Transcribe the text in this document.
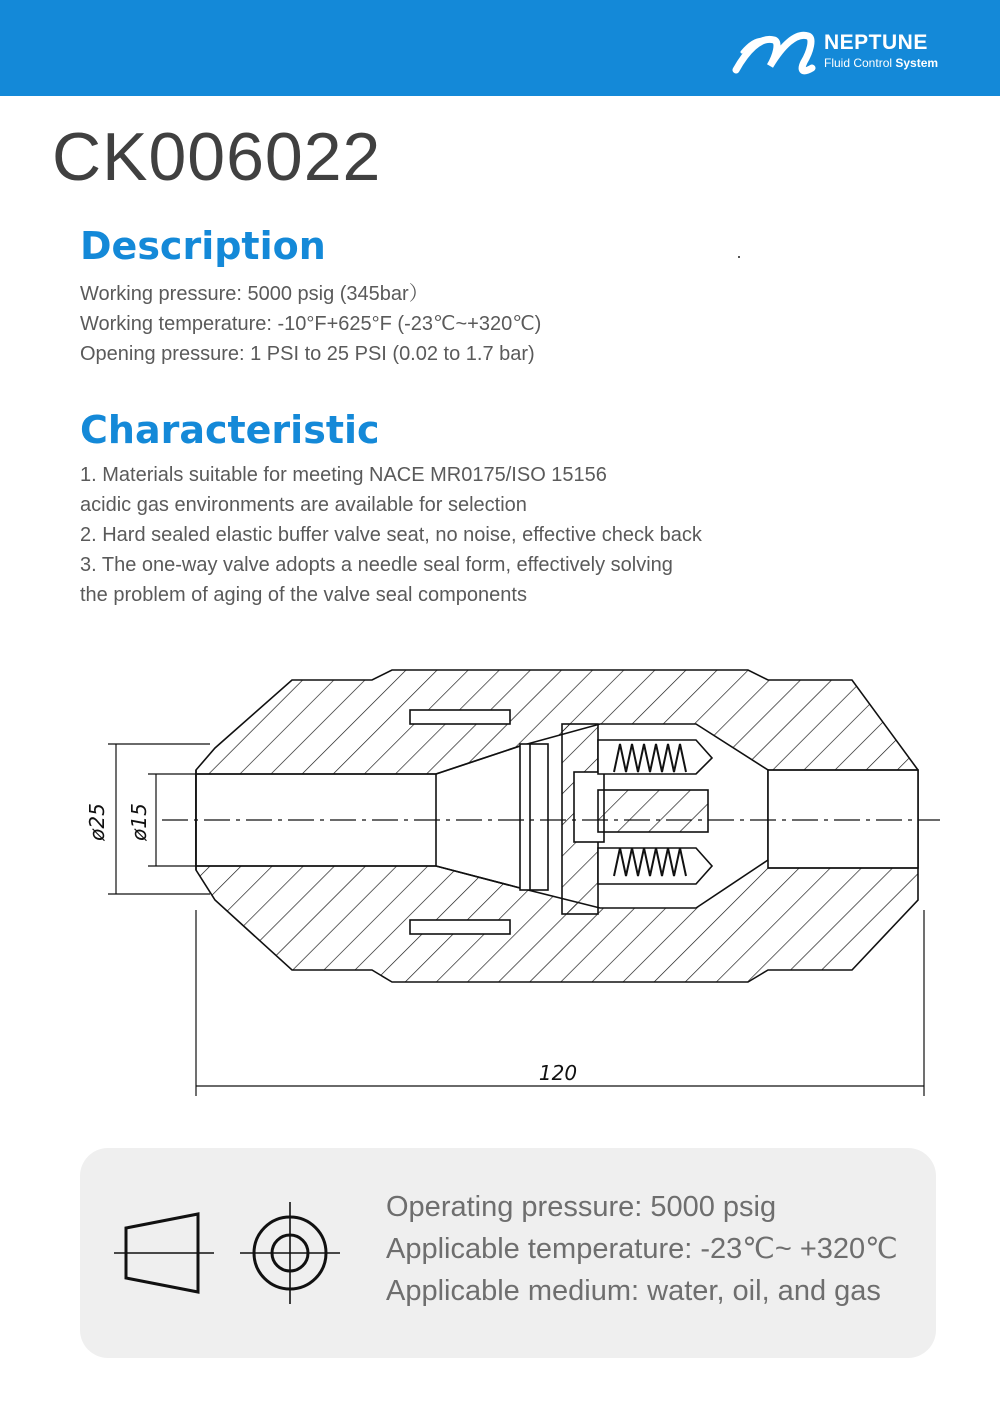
NEPTUNE
Fluid Control System
CK006022
Description
Working pressure: 5000 psig (345bar）
Working temperature: -10°F+625°F (-23℃~+320℃)
Opening pressure: 1 PSI to 25 PSI (0.02 to 1.7 bar)
Characteristic
1. Materials suitable for meeting NACE MR0175/ISO 15156
acidic gas environments are available for selection
2. Hard sealed elastic buffer valve seat, no noise, effective check back
3. The one-way valve adopts a needle seal form, effectively solving
the problem of aging of the valve seal components
ø25 ø15
120
Operating pressure: 5000 psig
Applicable temperature: -23℃~ +320℃
Applicable medium: water, oil, and gas
